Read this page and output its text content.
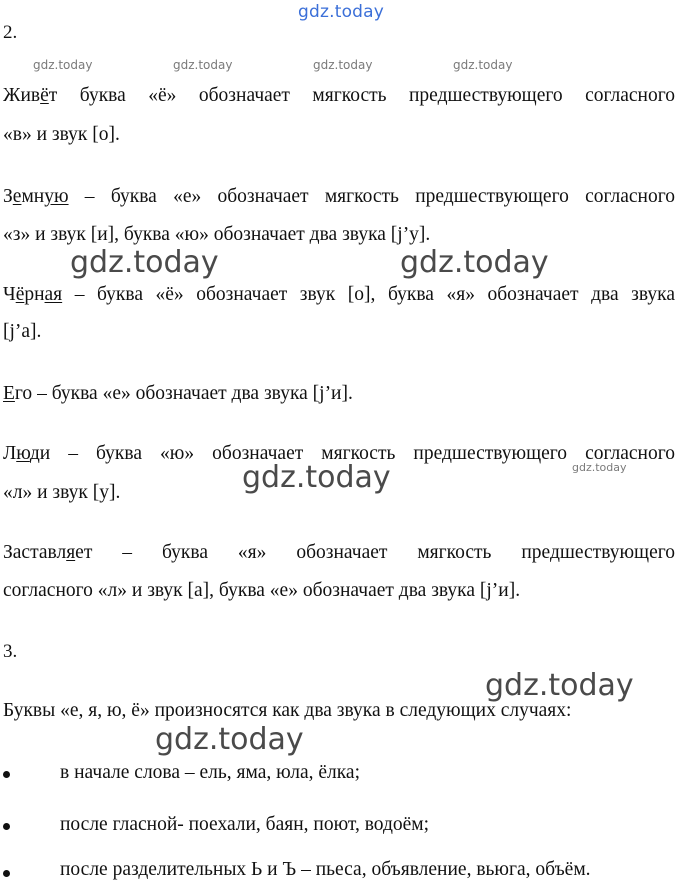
gdz.today
gdz.today	gdz.today	gdz.today	gdz.today
gdz.today	gdz.today
gdz.today	gdz.today
gdz.today
gdz.today
2.
Живёт буква «ё» обозначает мягкость предшествующего согласного
«в» и звук [о].
Земную – буква «е» обозначает мягкость предшествующего согласного
«з» и звук [и], буква «ю» обозначает два звука [j’у].
Чёрная – буква «ё» обозначает звук [о], буква «я» обозначает два звука
[j’а].
Его – буква «е» обозначает два звука [j’и].
Люди – буква «ю» обозначает мягкость предшествующего согласного
«л» и звук [у].
Заставляет – буква «я» обозначает мягкость предшествующего
согласного «л» и звук [а], буква «е» обозначает два звука [j’и].
3.
Буквы «е, я, ю, ё» произносятся как два звука в следующих случаях:
в начале слова – ель, яма, юла, ёлка;
после гласной- поехали, баян, поют, водоём;
после разделительных Ь и Ъ – пьеса, объявление, вьюга, объём.
